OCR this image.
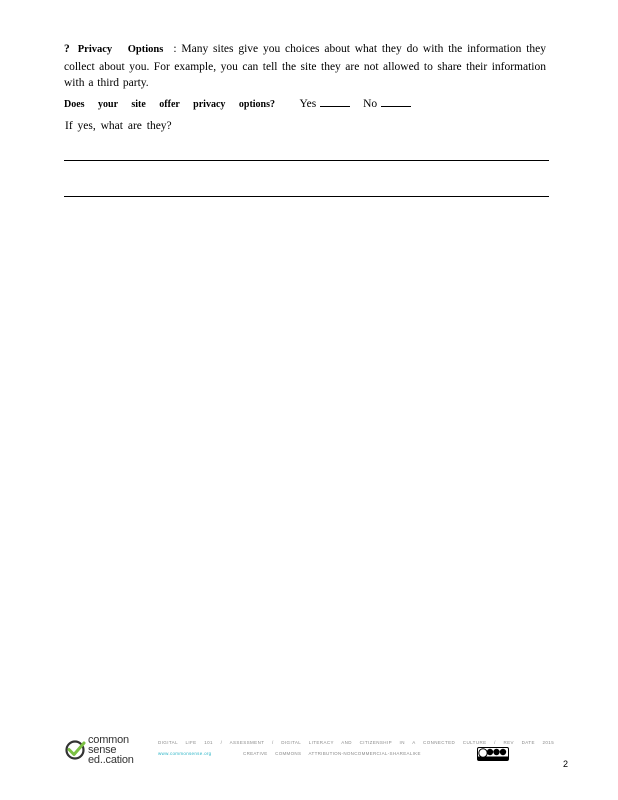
? Privacy Options : Many sites give you choices about what they do with the information they collect about you. For example, you can tell the site they are not allowed to share their information with a third party.
Does your site offer privacy options? Yes	No
If yes, what are they?
common
sense
ed..cation
DIGITAL LIFE 101 / ASSESSMENT / DIGITAL LITERACY AND CITIZENSHIP IN A CONNECTED CULTURE / REV DATE 2015
www.commonsense.org	CREATIVE COMMONS ATTRIBUTION-NONCOMMERCIAL-SHAREALIKE
2
